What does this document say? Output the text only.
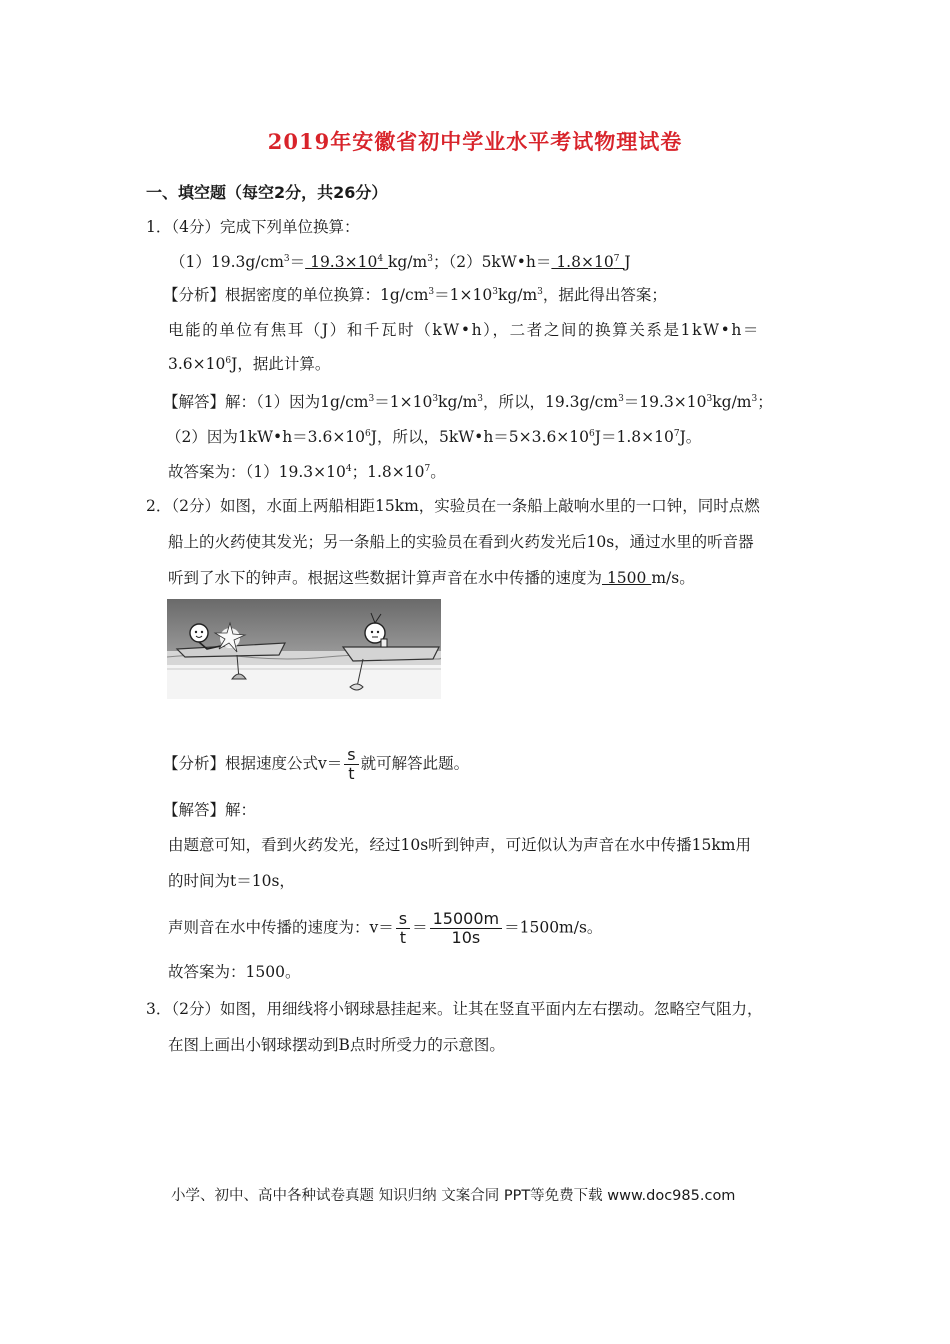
2019年安徽省初中学业水平考试物理试卷
一、填空题（每空2分，共26分）
1．（4分）完成下列单位换算：
$(1)19.3g/cm^3= 19.3\times 10^4$ $kg/m^3$；（2）5kW•h＝ $1.8\times 10^7$ J
【分析】根据密度的单位换算：$1g/cm^3=1\times 10^3kg/m^3$，据此得出答案；
电能的单位有焦耳（J）和千瓦时（kW•h），二者之间的换算关系是1kW•h＝
$3.6\times 10^6J$，据此计算。
【解答】解：（1）因为$1g/cm^3=1\times 10^3kg/m^3$，所以，$19.3g/cm^3=19.3\times 10^3kg/m^3$；
（2）因为$1kW•h=3.6\times 10^6J$，所以，$5kW•h=5\times 3.6\times 10^6J=1.8\times 10^7J$。
故答案为：$(1)19.3\times 10^4$；$1.8\times 10^7$。
2．（2分）如图，水面上两船相距15km，实验员在一条船上敲响水里的一口钟，同时点燃
船上的火药使其发光；另一条船上的实验员在看到火药发光后10s，通过水里的听音器
听到了水下的钟声。根据这些数据计算声音在水中传播的速度为 1500 m/s。
【分析】根据速度公式$v= \frac{s}{t}$ 就可解答此题。
【解答】解：
由题意可知，看到火药发光，经过10s听到钟声，可近似认为声音在水中传播15km用
的时间为t＝10s，
声则音在水中传播的速度为：$v= \frac{s}{t} = \frac{15000m}{10s} =1500m/s$。
故答案为：1500。
3．（2分）如图，用细线将小钢球悬挂起来。让其在竖直平面内左右摆动。忽略空气阻力，
在图上画出小钢球摆动到B点时所受力的示意图。
小学、初中、高中各种试卷真题 知识归纳 文案合同 PPT等免费下载 www.doc985.com
